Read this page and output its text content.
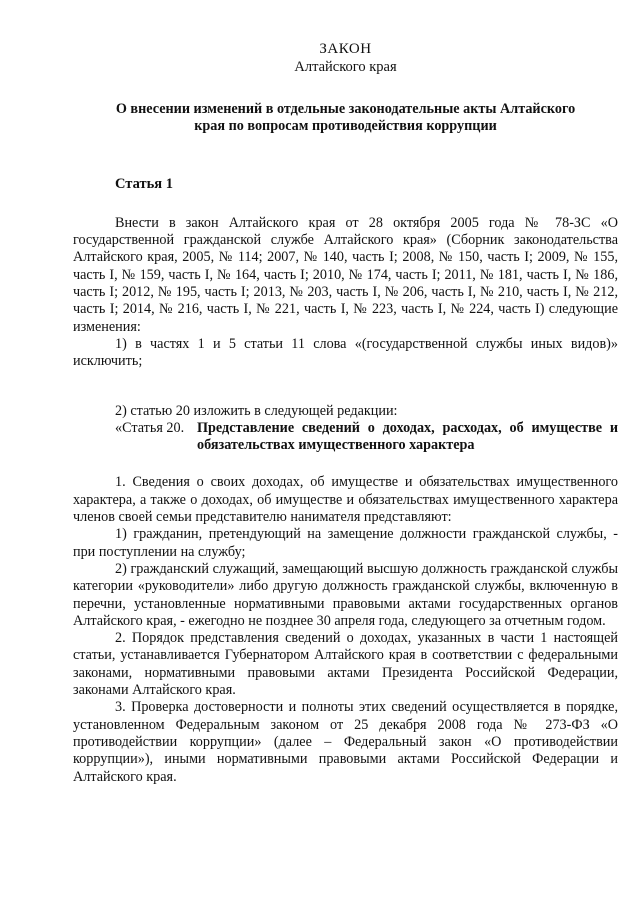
ЗАКОН
Алтайского края
О внесении изменений в отдельные законодательные акты Алтайского края по вопросам противодействия коррупции
Статья 1

Внести в закон Алтайского края от 28 октября 2005 года № 78-ЗС «О государственной гражданской службе Алтайского края» (Сборник законодательства Алтайского края, 2005, № 114; 2007, № 140, часть I; 2008, № 150, часть I; 2009, № 155, часть I, № 159, часть I, № 164, часть I; 2010, № 174, часть I; 2011, № 181, часть I, № 186, часть I; 2012, № 195, часть I; 2013, № 203, часть I, № 206, часть I, № 210, часть I, № 212, часть I; 2014, № 216, часть I, № 221, часть I, № 223, часть I, № 224, часть I) следующие изменения:

1) в частях 1 и 5 статьи 11 слова «(государственной службы иных видов)» исключить;

2) статью 20 изложить в следующей редакции:

«Статья 20. Представление сведений о доходах, расходах, об имуществе и обязательствах имущественного характера

1. Сведения о своих доходах, об имуществе и обязательствах имущественного характера, а также о доходах, об имуществе и обязательствах имущественного характера членов своей семьи представителю нанимателя представляют:

1) гражданин, претендующий на замещение должности гражданской службы, - при поступлении на службу;

2) гражданский служащий, замещающий высшую должность гражданской службы категории «руководители» либо другую должность гражданской службы, включенную в перечни, установленные нормативными правовыми актами государственных органов Алтайского края, - ежегодно не позднее 30 апреля года, следующего за отчетным годом.

2. Порядок представления сведений о доходах, указанных в части 1 настоящей статьи, устанавливается Губернатором Алтайского края в соответствии с федеральными законами, нормативными правовыми актами Президента Российской Федерации, законами Алтайского края.

3. Проверка достоверности и полноты этих сведений осуществляется в порядке, установленном Федеральным законом от 25 декабря 2008 года № 273-ФЗ «О противодействии коррупции» (далее – Федеральный закон «О противодействии коррупции»), иными нормативными правовыми актами Российской Федерации и Алтайского края.
